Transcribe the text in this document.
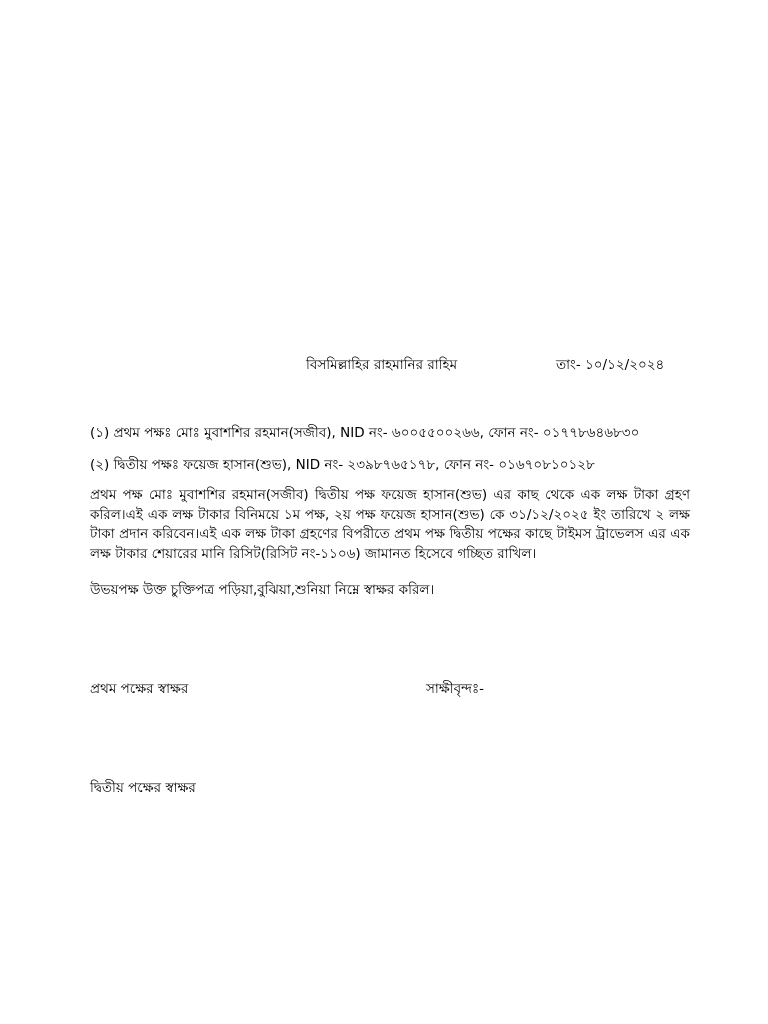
বিসমিল্লাহির রাহমানির রাহিম	তাং- ১০/১২/২০২৪
(১) প্রথম পক্ষঃ মোঃ মুবাশশির রহমান(সজীব), NID নং- ৬০০৫৫০০২৬৬, ফোন নং- ০১৭৭৮৬৪৬৮৩০
(২) দ্বিতীয় পক্ষঃ ফয়েজ হাসান(শুভ), NID নং- ২৩৯৮৭৬৫১৭৮, ফোন নং- ০১৬৭০৮১০১২৮
প্রথম পক্ষ মোঃ মুবাশশির রহমান(সজীব) দ্বিতীয় পক্ষ ফয়েজ হাসান(শুভ) এর কাছ থেকে এক লক্ষ টাকা গ্রহণ করিল।এই এক লক্ষ টাকার বিনিময়ে ১ম পক্ষ, ২য় পক্ষ ফয়েজ হাসান(শুভ) কে ৩১/১২/২০২৫ ইং তারিখে ২ লক্ষ টাকা প্রদান করিবেন।এই এক লক্ষ টাকা গ্রহণের বিপরীতে প্রথম পক্ষ দ্বিতীয় পক্ষের কাছে টাইমস ট্রাভেলস এর এক লক্ষ টাকার শেয়ারের মানি রিসিট(রিসিট নং-১১০৬) জামানত হিসেবে গচ্ছিত রাখিল।
উভয়পক্ষ উক্ত চুক্তিপত্র পড়িয়া,বুঝিয়া,শুনিয়া নিম্নে স্বাক্ষর করিল।
প্রথম পক্ষের স্বাক্ষর	সাক্ষীবৃন্দঃ-
দ্বিতীয় পক্ষের স্বাক্ষর
